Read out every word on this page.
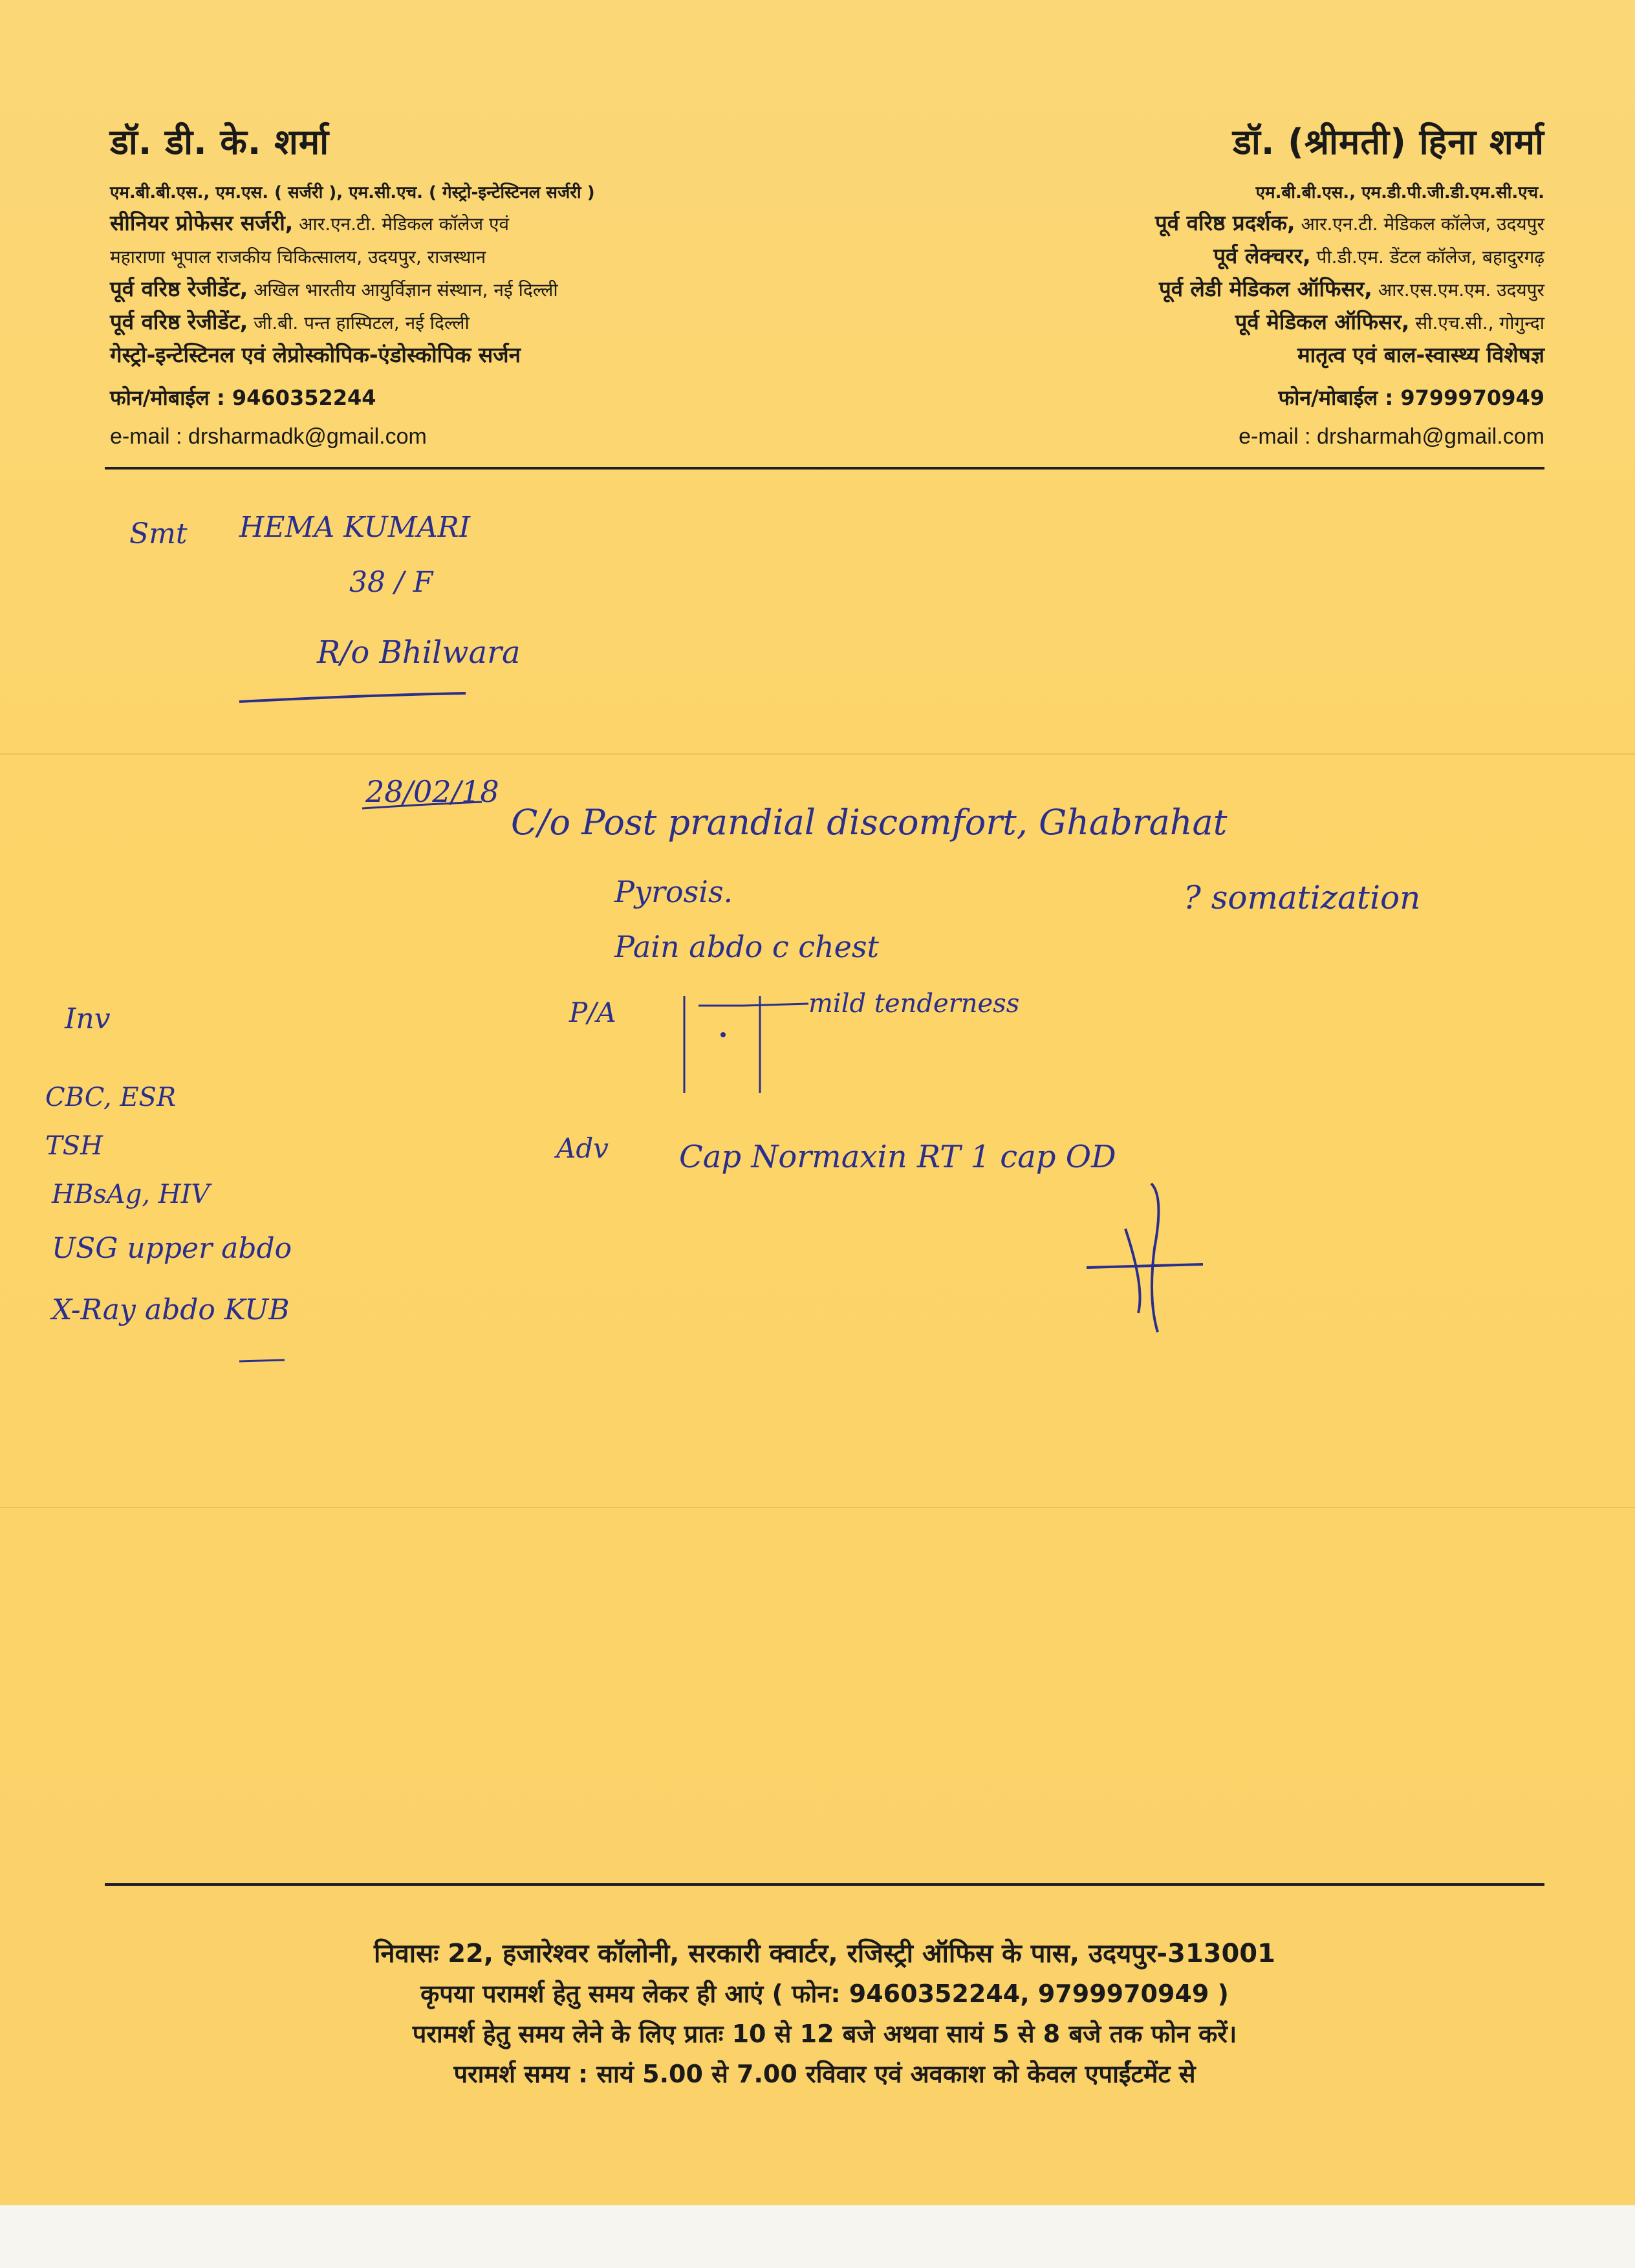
डॉ. डी. के. शर्मा
एम.बी.बी.एस., एम.एस. ( सर्जरी ), एम.सी.एच. ( गेस्ट्रो-इन्टेस्टिनल सर्जरी )
सीनियर प्रोफेसर सर्जरी, आर.एन.टी. मेडिकल कॉलेज एवं
महाराणा भूपाल राजकीय चिकित्सालय, उदयपुर, राजस्थान
पूर्व वरिष्ठ रेजीडेंट, अखिल भारतीय आयुर्विज्ञान संस्थान, नई दिल्ली
पूर्व वरिष्ठ रेजीडेंट, जी.बी. पन्त हास्पिटल, नई दिल्ली
गेस्ट्रो-इन्टेस्टिनल एवं लेप्रोस्कोपिक-एंडोस्कोपिक सर्जन
फोन/मोबाईल : 9460352244
e-mail : drsharmadk@gmail.com
डॉ. (श्रीमती) हिना शर्मा
एम.बी.बी.एस., एम.डी.पी.जी.डी.एम.सी.एच.
पूर्व वरिष्ठ प्रदर्शक, आर.एन.टी. मेडिकल कॉलेज, उदयपुर
पूर्व लेक्चरर, पी.डी.एम. डेंटल कॉलेज, बहादुरगढ़
पूर्व लेडी मेडिकल ऑफिसर, आर.एस.एम.एम. उदयपुर
पूर्व मेडिकल ऑफिसर, सी.एच.सी., गोगुन्दा
मातृत्व एवं बाल-स्वास्थ्य विशेषज्ञ
फोन/मोबाईल : 9799970949
e-mail : drsharmah@gmail.com
Smt HEMA KUMARI
38 / F
R/o Bhilwara
28/02/18
C/o Post prandial discomfort, Ghabrahat
Pyrosis.	? somatization
Pain abdo c chest
P/A	mild tenderness
Adv Cap Normaxin RT 1 cap OD
Inv
CBC, ESR
TSH
HBsAg, HIV
USG upper abdo
X-Ray abdo KUB
निवासः 22, हजारेश्वर कॉलोनी, सरकारी क्वार्टर, रजिस्ट्री ऑफिस के पास, उदयपुर-313001
कृपया परामर्श हेतु समय लेकर ही आएं ( फोन: 9460352244, 9799970949 )
परामर्श हेतु समय लेने के लिए प्रातः 10 से 12 बजे अथवा सायं 5 से 8 बजे तक फोन करें।
परामर्श समय : सायं 5.00 से 7.00 रविवार एवं अवकाश को केवल एपाईंटमेंट से
